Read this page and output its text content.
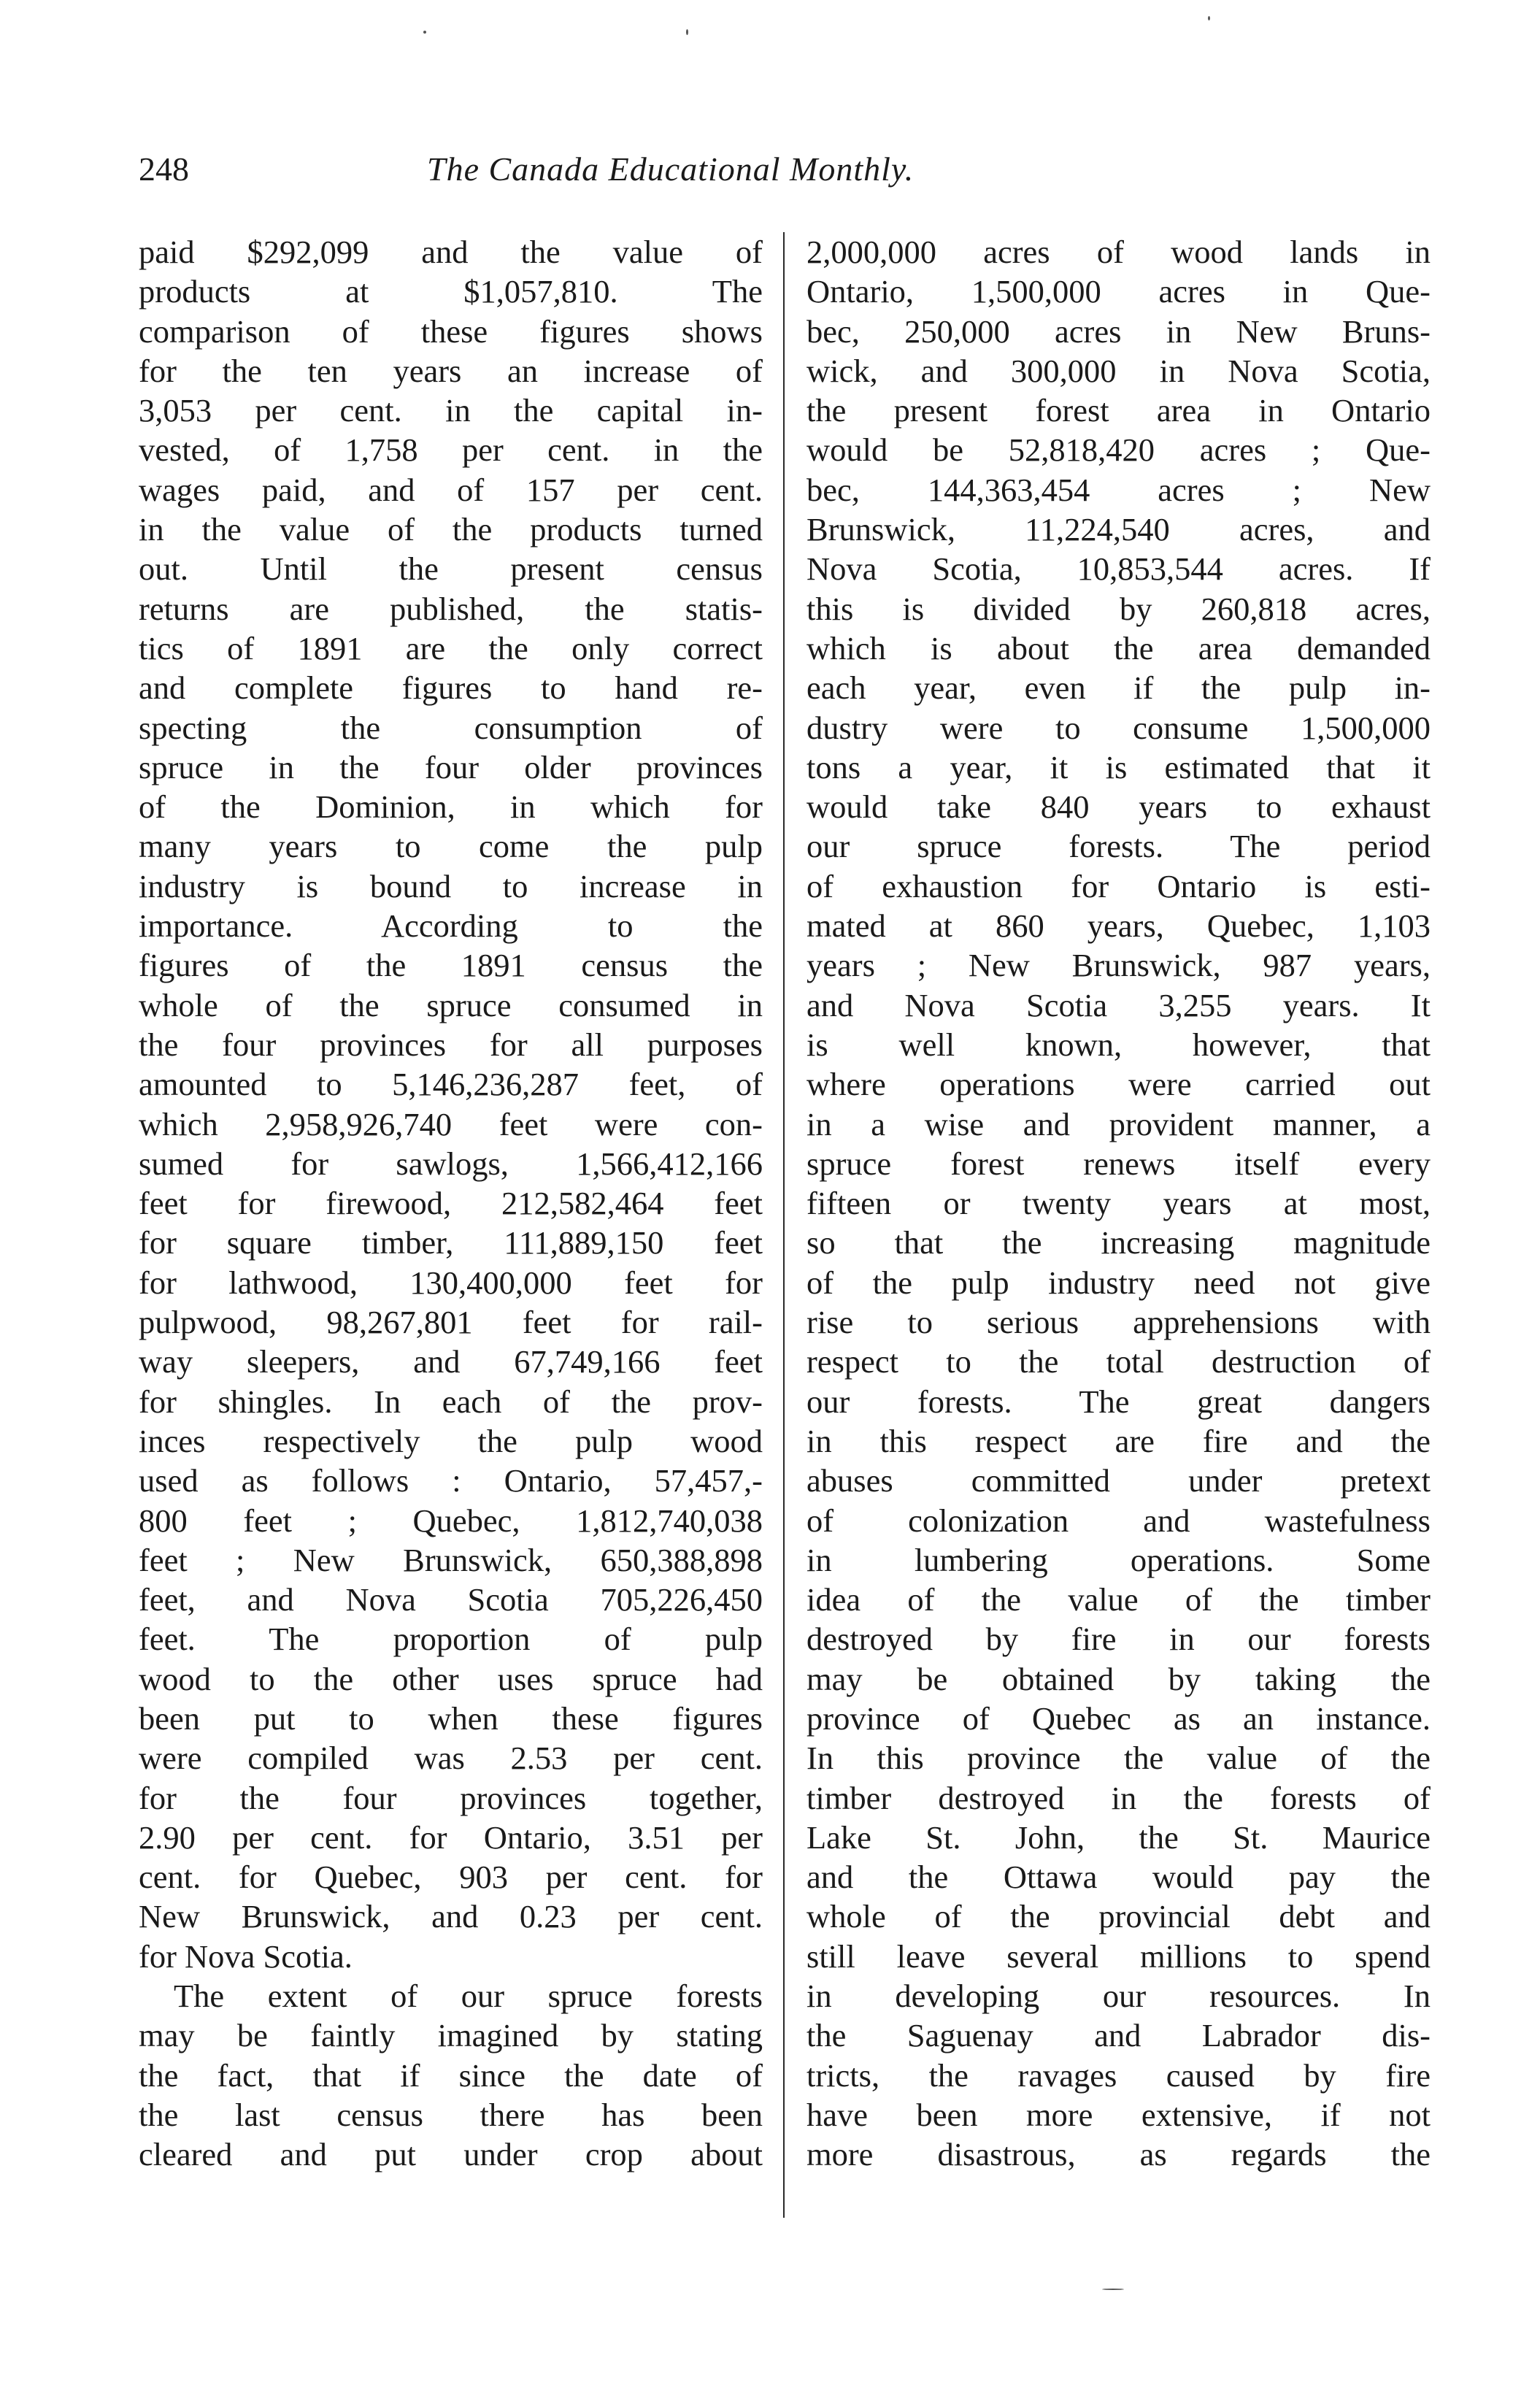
248	The Canada Educational Monthly.
paid $292,099 and the value of
products at $1,057,810. The
comparison of these figures shows
for the ten years an increase of
3,053 per cent. in the capital in-
vested, of 1,758 per cent. in the
wages paid, and of 157 per cent.
in the value of the products turned
out. Until the present census
returns are published, the statis-
tics of 1891 are the only correct
and complete figures to hand re-
specting the consumption of
spruce in the four older provinces
of the Dominion, in which for
many years to come the pulp
industry is bound to increase in
importance. According to the
figures of the 1891 census the
whole of the spruce consumed in
the four provinces for all purposes
amounted to 5,146,236,287 feet, of
which 2,958,926,740 feet were con-
sumed for sawlogs, 1,566,412,166
feet for firewood, 212,582,464 feet
for square timber, 111,889,150 feet
for lathwood, 130,400,000 feet for
pulpwood, 98,267,801 feet for rail-
way sleepers, and 67,749,166 feet
for shingles. In each of the prov-
inces respectively the pulp wood
used as follows : Ontario, 57,457,-
800 feet ; Quebec, 1,812,740,038
feet ; New Brunswick, 650,388,898
feet, and Nova Scotia 705,226,450
feet. The proportion of pulp
wood to the other uses spruce had
been put to when these figures
were compiled was 2.53 per cent.
for the four provinces together,
2.90 per cent. for Ontario, 3.51 per
cent. for Quebec, 903 per cent. for
New Brunswick, and 0.23 per cent.
for Nova Scotia.
The extent of our spruce forests
may be faintly imagined by stating
the fact, that if since the date of
the last census there has been
cleared and put under crop about
2,000,000 acres of wood lands in
Ontario, 1,500,000 acres in Que-
bec, 250,000 acres in New Bruns-
wick, and 300,000 in Nova Scotia,
the present forest area in Ontario
would be 52,818,420 acres ; Que-
bec, 144,363,454 acres ; New
Brunswick, 11,224,540 acres, and
Nova Scotia, 10,853,544 acres. If
this is divided by 260,818 acres,
which is about the area demanded
each year, even if the pulp in-
dustry were to consume 1,500,000
tons a year, it is estimated that it
would take 840 years to exhaust
our spruce forests. The period
of exhaustion for Ontario is esti-
mated at 860 years, Quebec, 1,103
years ; New Brunswick, 987 years,
and Nova Scotia 3,255 years. It
is well known, however, that
where operations were carried out
in a wise and provident manner, a
spruce forest renews itself every
fifteen or twenty years at most,
so that the increasing magnitude
of the pulp industry need not give
rise to serious apprehensions with
respect to the total destruction of
our forests. The great dangers
in this respect are fire and the
abuses committed under pretext
of colonization and wastefulness
in lumbering operations. Some
idea of the value of the timber
destroyed by fire in our forests
may be obtained by taking the
province of Quebec as an instance.
In this province the value of the
timber destroyed in the forests of
Lake St. John, the St. Maurice
and the Ottawa would pay the
whole of the provincial debt and
still leave several millions to spend
in developing our resources. In
the Saguenay and Labrador dis-
tricts, the ravages caused by fire
have been more extensive, if not
more disastrous, as regards the
